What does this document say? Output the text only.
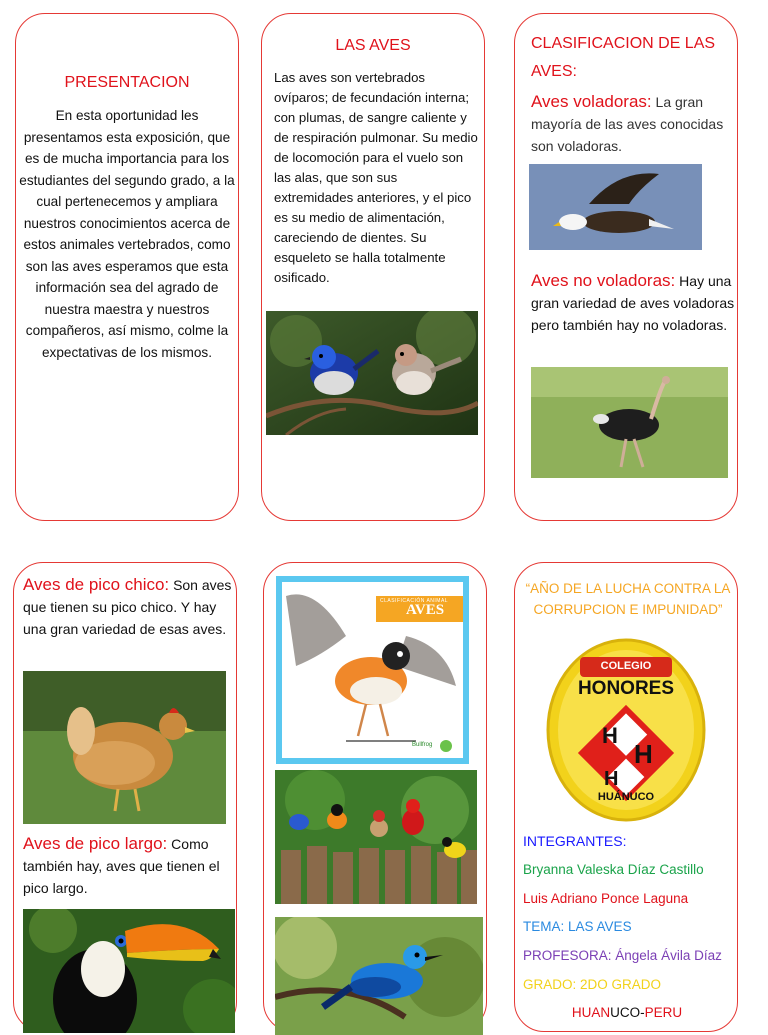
PRESENTACION
En esta oportunidad les presentamos esta exposición, que es de mucha importancia para los estudiantes del segundo grado, a la cual pertenecemos y ampliara nuestros conocimientos acerca de estos animales vertebrados, como son las aves esperamos que esta información sea del agrado de nuestra maestra y nuestros compañeros, así mismo, colme la expectativas de los mismos.
LAS AVES
Las aves son vertebrados ovíparos; de fecundación interna; con plumas, de sangre caliente y de respiración pulmonar. Su medio de locomoción para el vuelo son las alas, que son sus extremidades anteriores, y el pico es su medio de alimentación, careciendo de dientes. Su esqueleto se halla totalmente osificado.
CLASIFICACION DE LAS AVES:
Aves voladoras: La gran mayoría de las aves conocidas son voladoras.
Aves no voladoras: Hay una gran variedad de aves voladoras pero también hay no voladoras.
Aves de pico chico: Son aves que tienen su pico chico. Y hay una gran variedad de esas aves.
Aves de pico largo: Como también hay, aves que tienen el pico largo.
CLASIFICACIÓN ANIMAL
AVES
Bullfrog
“AÑO DE LA LUCHA CONTRA LA CORRUPCION E IMPUNIDAD”
H
H
H
COLEGIO
HONORES
HUÁNUCO
INTEGRANTES:
Bryanna Valeska Díaz Castillo
Luis Adriano Ponce Laguna
TEMA: LAS AVES
PROFESORA: Ángela Ávila Díaz
GRADO: 2DO GRADO
HUANUCO-PERU
